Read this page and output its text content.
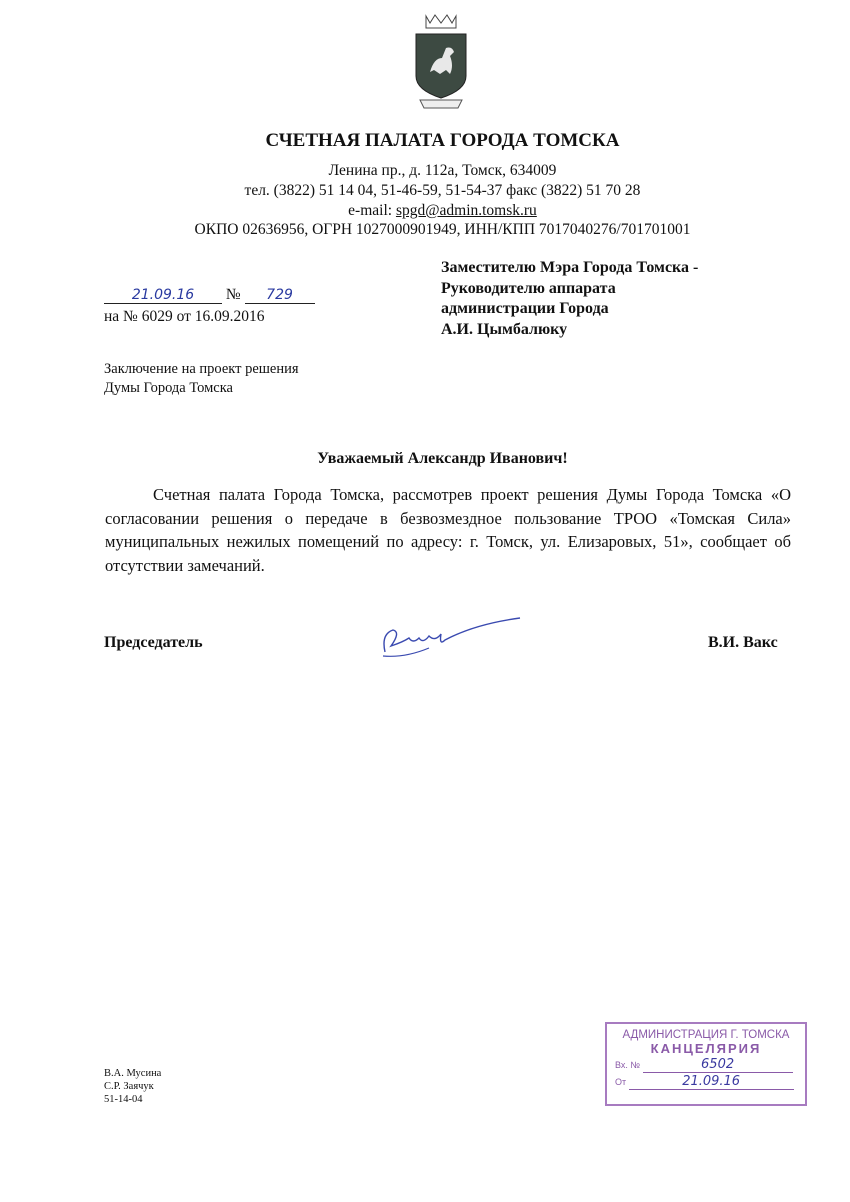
СЧЕТНАЯ ПАЛАТА ГОРОДА ТОМСКА
Ленина пр., д. 112а, Томск, 634009
тел. (3822) 51 14 04, 51-46-59, 51-54-37 факс (3822) 51 70 28
e-mail: spgd@admin.tomsk.ru
ОКПО 02636956, ОГРН 1027000901949, ИНН/КПП 7017040276/701701001
Заместителю Мэра Города Томска -
Руководителю аппарата
администрации Города
А.И. Цымбалюку
21.09.16 № 729
на № 6029 от 16.09.2016
Заключение на проект решения
Думы Города Томска
Уважаемый Александр Иванович!
Счетная палата Города Томска, рассмотрев проект решения Думы Города Томска «О согласовании решения о передаче в безвозмездное пользование ТРОО «Томская Сила» муниципальных нежилых помещений по адресу: г. Томск, ул. Елизаровых, 51», сообщает об отсутствии замечаний.
Председатель	В.И. Вакс
В.А. Мусина
С.Р. Заячук
51-14-04
АДМИНИСТРАЦИЯ Г. ТОМСКА
КАНЦЕЛЯРИЯ
Вх. №	6502
От	21.09.16
